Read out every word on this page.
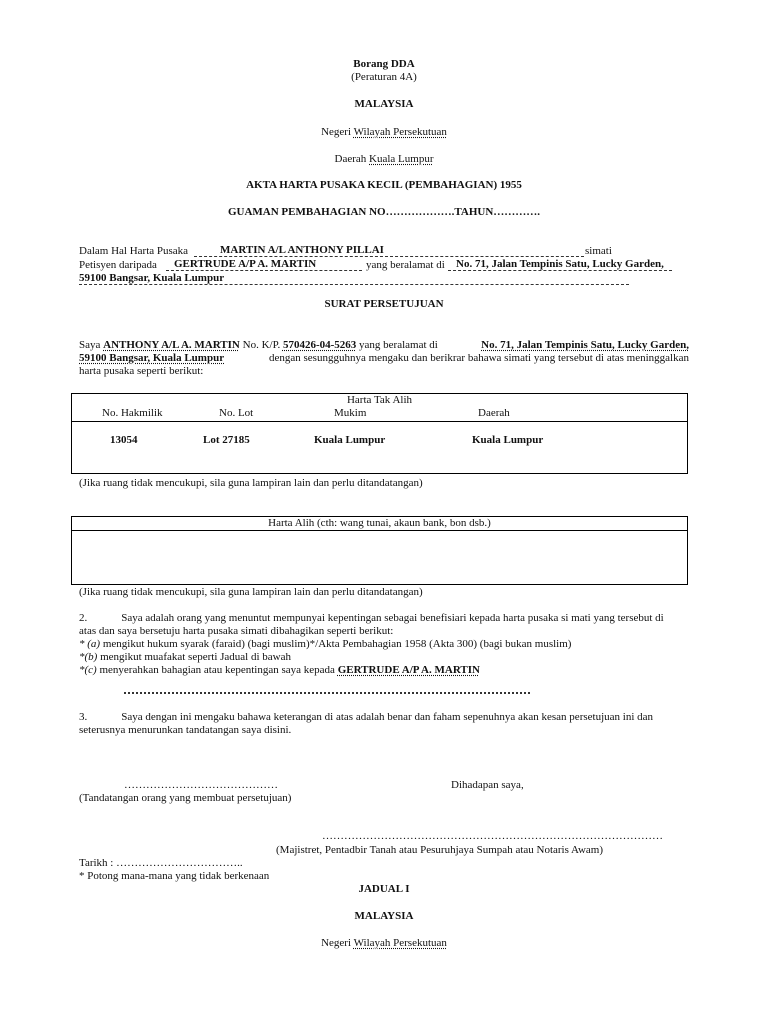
Borang DDA
(Peraturan 4A)
MALAYSIA
Negeri Wilayah Persekutuan
Daerah Kuala Lumpur
AKTA HARTA PUSAKA KECIL (PEMBAHAGIAN) 1955
GUAMAN PEMBAHAGIAN NO……………….TAHUN………….
Dalam Hal Harta Pusaka	MARTIN A/L ANTHONY PILLAI	simati
Petisyen daripada GERTRUDE A/P A. MARTIN	yang beralamat di No. 71, Jalan Tempinis Satu, Lucky Garden,
59100 Bangsar, Kuala Lumpur
SURAT PERSETUJUAN
Saya ANTHONY A/L A. MARTIN No. K/P. 570426-04-5263 yang beralamat di	No. 71, Jalan Tempinis Satu, Lucky Garden,
59100 Bangsar, Kuala Lumpur	dengan sesungguhnya mengaku dan berikrar bahawa simati yang tersebut di atas meninggalkan
harta pusaka seperti berikut:
Harta Tak Alih
No. Hakmilik	No. Lot	Mukim	Daerah
13054	Lot 27185	Kuala Lumpur	Kuala Lumpur
(Jika ruang tidak mencukupi, sila guna lampiran lain dan perlu ditandatangan)
Harta Alih (cth: wang tunai, akaun bank, bon dsb.)
(Jika ruang tidak mencukupi, sila guna lampiran lain dan perlu ditandatangan)
2.	Saya adalah orang yang menuntut mempunyai kepentingan sebagai benefisiari kepada harta pusaka si mati yang tersebut di
atas dan saya bersetuju harta pusaka simati dibahagikan seperti berikut:
* (a) mengikut hukum syarak (faraid) (bagi muslim)*/Akta Pembahagian 1958 (Akta 300) (bagi bukan muslim)
*(b) mengikut muafakat seperti Jadual di bawah
*(c) menyerahkan bahagian atau kepentingan saya kepada GERTRUDE A/P A. MARTIN
3.	Saya dengan ini mengaku bahawa keterangan di atas adalah benar dan faham sepenuhnya akan kesan persetujuan ini dan
seterusnya menurunkan tandatangan saya disini.
……………………………………	Dihadapan saya,
(Tandatangan orang yang membuat persetujuan)
…………………………………………………………………………………
(Majistret, Pentadbir Tanah atau Pesuruhjaya Sumpah atau Notaris Awam)
Tarikh : ……………………………..
* Potong mana-mana yang tidak berkenaan
JADUAL I
MALAYSIA
Negeri Wilayah Persekutuan
